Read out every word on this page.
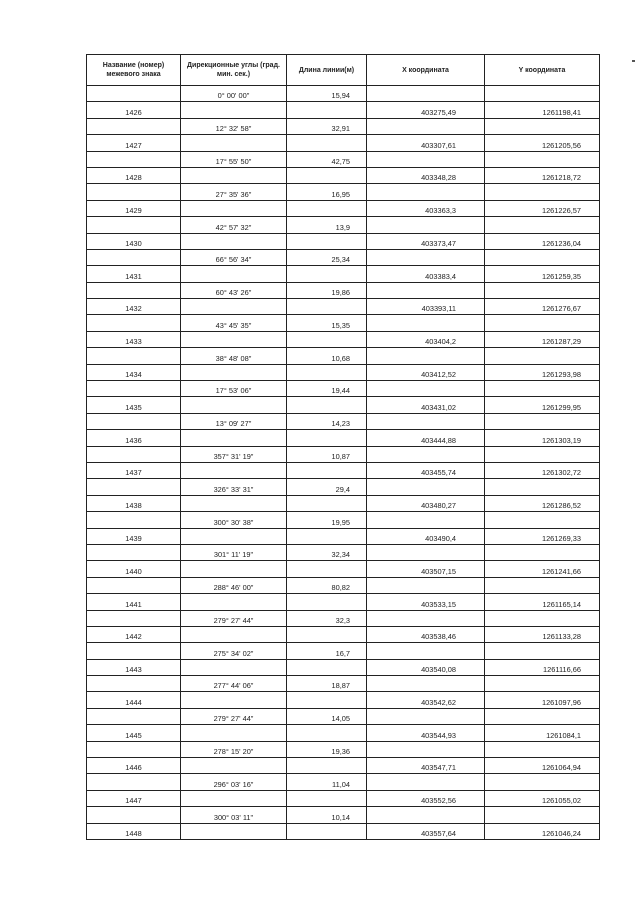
Название (номер) межевого знака	Дирекционные углы (град. мин. сек.)	Длина линии(м)	X координата	Y координата
	0° 00' 00"	15,94		
1426			403275,49	1261198,41
	12° 32' 58"	32,91		
1427			403307,61	1261205,56
	17° 55' 50"	42,75		
1428			403348,28	1261218,72
	27° 35' 36"	16,95		
1429			403363,3	1261226,57
	42° 57' 32"	13,9		
1430			403373,47	1261236,04
	66° 56' 34"	25,34		
1431			403383,4	1261259,35
	60° 43' 26"	19,86		
1432			403393,11	1261276,67
	43° 45' 35"	15,35		
1433			403404,2	1261287,29
	38° 48' 08"	10,68		
1434			403412,52	1261293,98
	17° 53' 06"	19,44		
1435			403431,02	1261299,95
	13° 09' 27"	14,23		
1436			403444,88	1261303,19
	357° 31' 19"	10,87		
1437			403455,74	1261302,72
	326° 33' 31"	29,4		
1438			403480,27	1261286,52
	300° 30' 38"	19,95		
1439			403490,4	1261269,33
	301° 11' 19"	32,34		
1440			403507,15	1261241,66
	288° 46' 00"	80,82		
1441			403533,15	1261165,14
	279° 27' 44"	32,3		
1442			403538,46	1261133,28
	275° 34' 02"	16,7		
1443			403540,08	1261116,66
	277° 44' 06"	18,87		
1444			403542,62	1261097,96
	279° 27' 44"	14,05		
1445			403544,93	1261084,1
	278° 15' 20"	19,36		
1446			403547,71	1261064,94
	296° 03' 16"	11,04		
1447			403552,56	1261055,02
	300° 03' 11"	10,14		
1448			403557,64	1261046,24
